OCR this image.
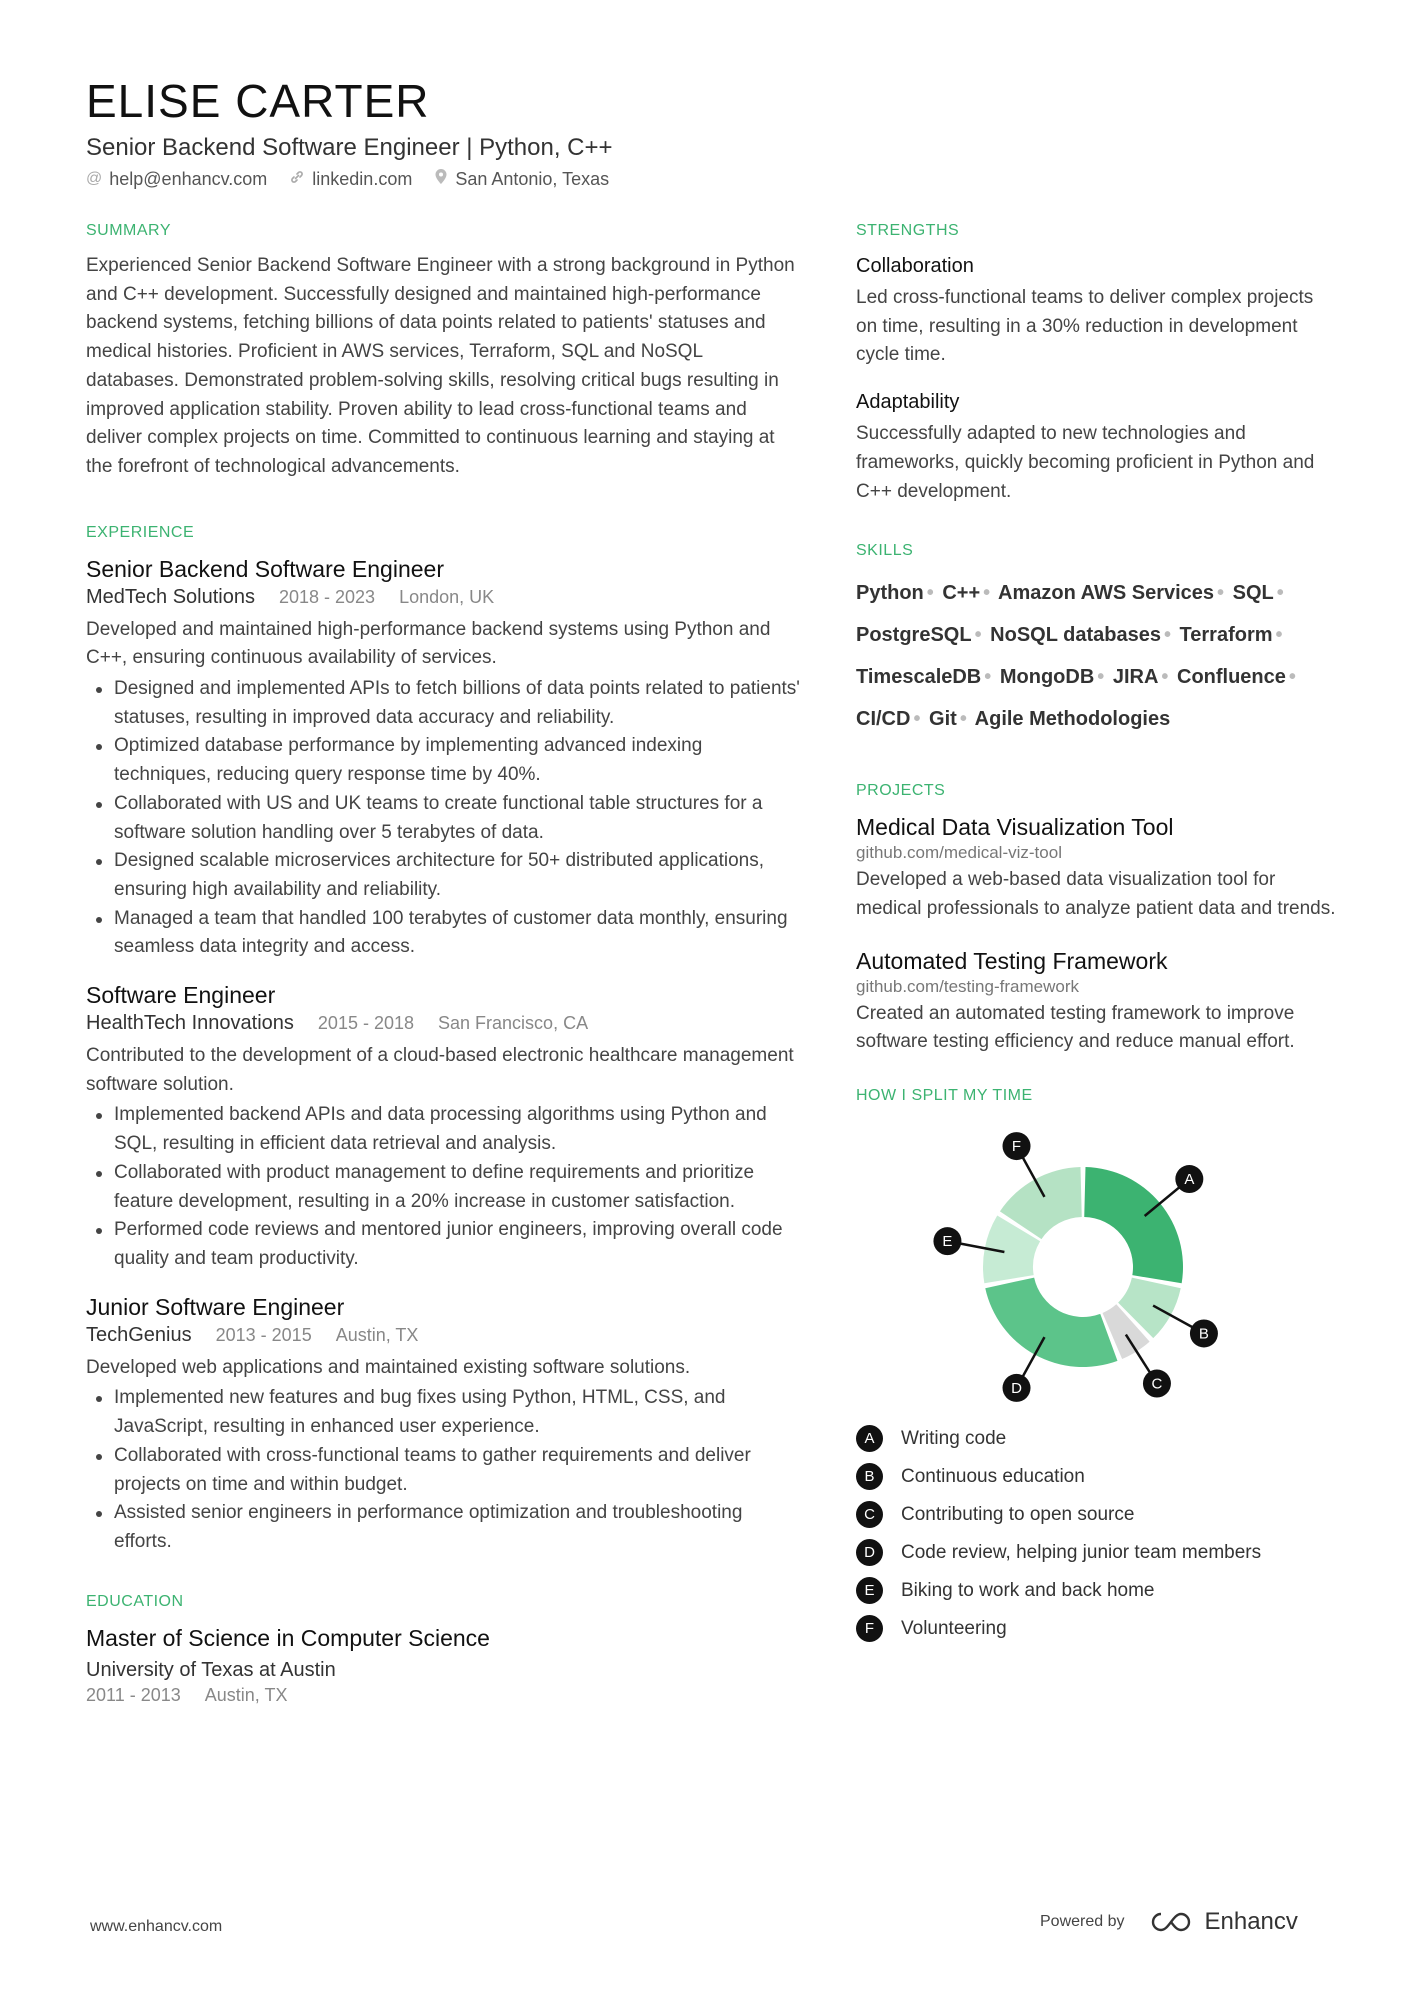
ELISE CARTER
Senior Backend Software Engineer | Python, C++
@ help@enhancv.com	linkedin.com San Antonio, Texas
SUMMARY

Experienced Senior Backend Software Engineer with a strong background in Python and C++ development. Successfully designed and maintained high-performance backend systems, fetching billions of data points related to patients' statuses and medical histories. Proficient in AWS services, Terraform, SQL and NoSQL databases. Demonstrated problem-solving skills, resolving critical bugs resulting in improved application stability. Proven ability to lead cross-functional teams and deliver complex projects on time. Committed to continuous learning and staying at the forefront of technological advancements.

EXPERIENCE
Senior Backend Software Engineer
MedTech Solutions 2018 - 2023 London, UK

Developed and maintained high-performance backend systems using Python and C++, ensuring continuous availability of services.

Designed and implemented APIs to fetch billions of data points related to patients' statuses, resulting in improved data accuracy and reliability.
Optimized database performance by implementing advanced indexing techniques, reducing query response time by 40%.
Collaborated with US and UK teams to create functional table structures for a software solution handling over 5 terabytes of data.
Designed scalable microservices architecture for 50+ distributed applications, ensuring high availability and reliability.
Managed a team that handled 100 terabytes of customer data monthly, ensuring seamless data integrity and access.
Software Engineer
HealthTech Innovations 2015 - 2018 San Francisco, CA

Contributed to the development of a cloud-based electronic healthcare management software solution.

Implemented backend APIs and data processing algorithms using Python and SQL, resulting in efficient data retrieval and analysis.
Collaborated with product management to define requirements and prioritize feature development, resulting in a 20% increase in customer satisfaction.
Performed code reviews and mentored junior engineers, improving overall code quality and team productivity.
Junior Software Engineer
TechGenius 2013 - 2015 Austin, TX

Developed web applications and maintained existing software solutions.

Implemented new features and bug fixes using Python, HTML, CSS, and JavaScript, resulting in enhanced user experience.
Collaborated with cross-functional teams to gather requirements and deliver projects on time and within budget.
Assisted senior engineers in performance optimization and troubleshooting efforts.
EDUCATION
Master of Science in Computer Science
University of Texas at Austin
2011 - 2013 Austin, TX
STRENGTHS
Collaboration

Led cross-functional teams to deliver complex projects on time, resulting in a 30% reduction in development cycle time.

Adaptability

Successfully adapted to new technologies and frameworks, quickly becoming proficient in Python and C++ development.

SKILLS
Python • C++ • Amazon AWS Services • SQL • PostgreSQL • NoSQL databases • Terraform • TimescaleDB • MongoDB • JIRA • Confluence • CI/CD • Git • Agile Methodologies
PROJECTS
Medical Data Visualization Tool
github.com/medical-viz-tool

Developed a web-based data visualization tool for medical professionals to analyze patient data and trends.

Automated Testing Framework
github.com/testing-framework

Created an automated testing framework to improve software testing efficiency and reduce manual effort.

HOW I SPLIT MY TIME
A
B
C
D
E
F
A	Writing code
B	Continuous education
C	Contributing to open source
D	Code review, helping junior team members
E	Biking to work and back home
F	Volunteering
www.enhancv.com	Powered by	Enhancv
